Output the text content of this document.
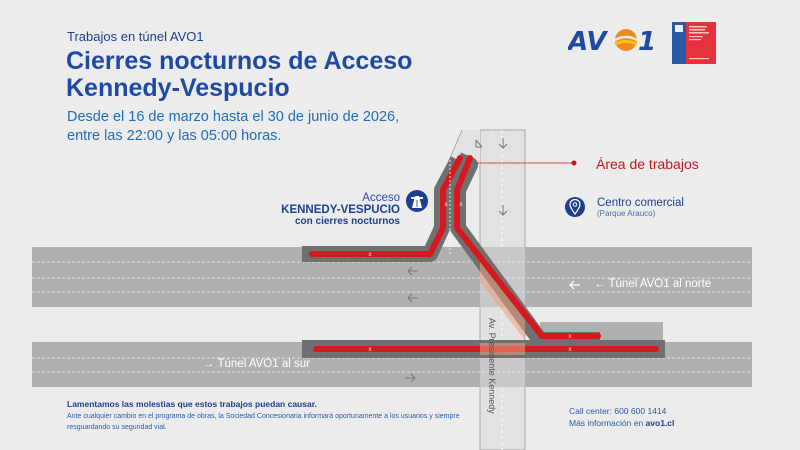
x
x x
x
x
x
Trabajos en túnel AVO1
Cierres nocturnos de Acceso Kennedy-Vespucio
Desde el 16 de marzo hasta el 30 de junio de 2026, entre las 22:00 y las 05:00 horas.
AV 1
Acceso
KENNEDY-VESPUCIO
con cierres nocturnos
Área de trabajos
Centro comercial
(Parque Arauco)
← Túnel AVO1 al norte
→ Túnel AVO1 al sur	Av. Presidente Kennedy
Lamentamos las molestias que estos trabajos puedan causar.
Ante cualquier cambio en el programa de obras, la Sociedad Concesionaria informará oportunamente a los usuarios y siempre resguardando su seguridad vial.
Call center: 600 600 1414
Más información en avo1.cl
